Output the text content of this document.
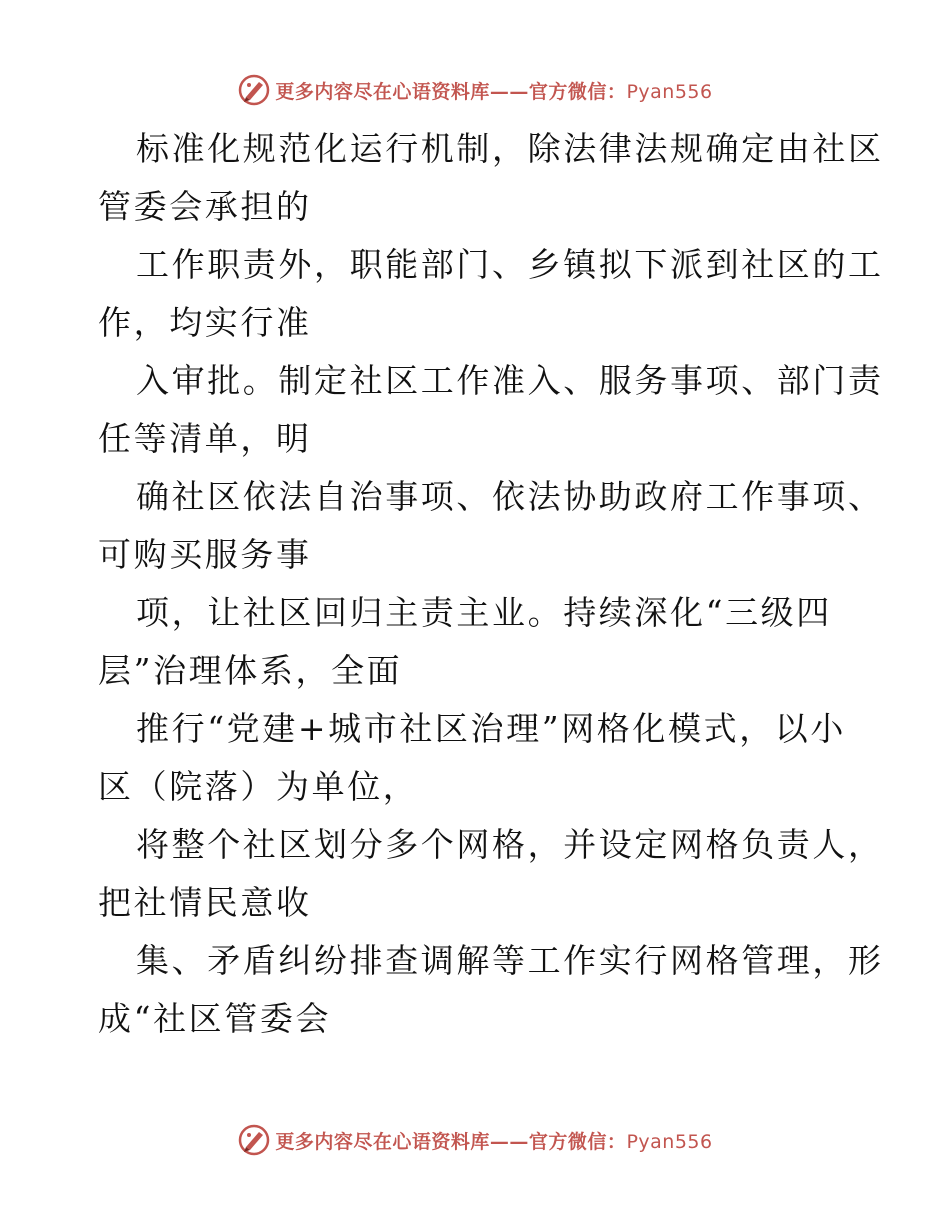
更多内容尽在心语资料库——官方微信：Pyan556
标准化规范化运行机制，除法律法规确定由社区
管委会承担的
工作职责外，职能部门、乡镇拟下派到社区的工
作，均实行准
入审批。制定社区工作准入、服务事项、部门责
任等清单，明
确社区依法自治事项、依法协助政府工作事项、
可购买服务事
项，让社区回归主责主业。持续深化“三级四
层”治理体系，全面
推行“党建+城市社区治理”网格化模式，以小
区（院落）为单位，
将整个社区划分多个网格，并设定网格负责人，
把社情民意收
集、矛盾纠纷排查调解等工作实行网格管理，形
成“社区管委会
更多内容尽在心语资料库——官方微信：Pyan556
